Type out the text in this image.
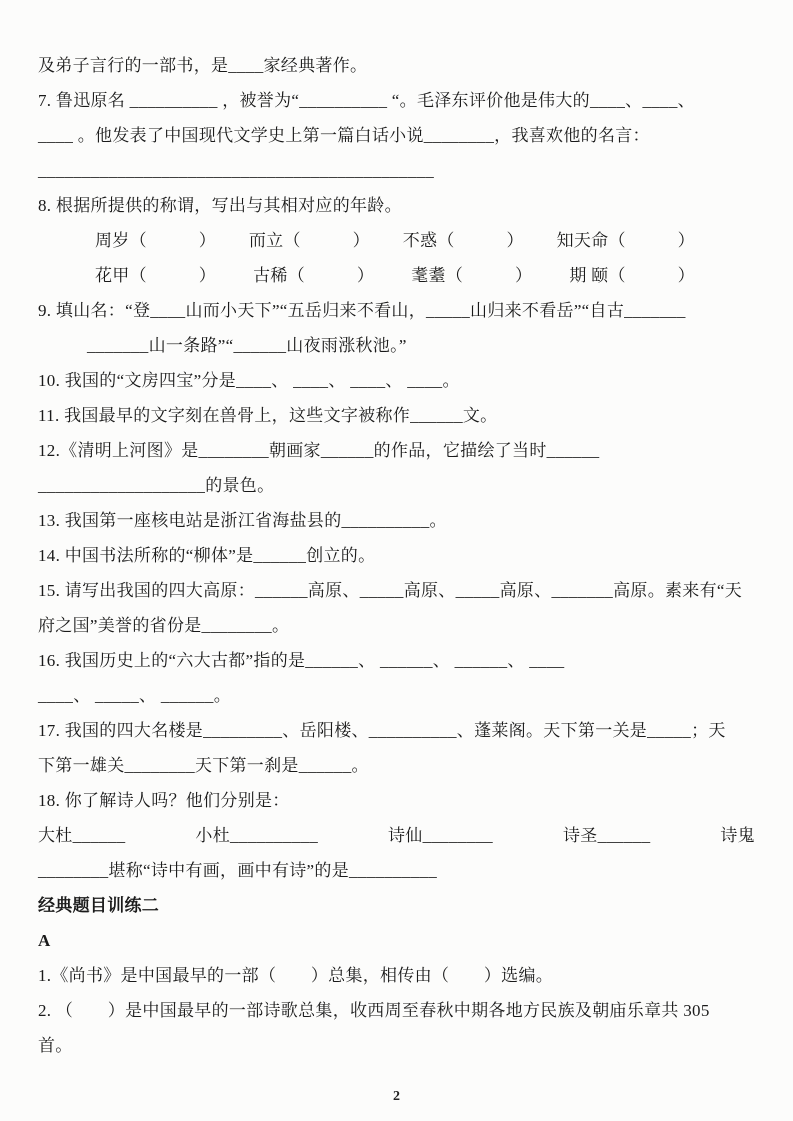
及弟子言行的一部书，是____家经典著作。
7. 鲁迅原名 __________ ，被誉为“__________ “。毛泽东评价他是伟大的____、____、
____ 。他发表了中国现代文学史上第一篇白话小说________，我喜欢他的名言：
_____________________________________________
8. 根据所提供的称谓，写出与其相对应的年龄。
周岁（　　　） 而立（　　　） 不惑（　　　） 知天命（　　　）
花甲（　　　） 古稀（　　　） 耄耋（　　　） 期 颐（　　　）
9. 填山名：“登____山而小天下”“五岳归来不看山，_____山归来不看岳”“自古_______
_______山一条路”“______山夜雨涨秋池。”
10. 我国的“文房四宝”分是____、 ____、 ____、 ____。
11. 我国最早的文字刻在兽骨上，这些文字被称作______文。
12.《清明上河图》是________朝画家______的作品，它描绘了当时______
___________________的景色。
13. 我国第一座核电站是浙江省海盐县的__________。
14. 中国书法所称的“柳体”是______创立的。
15. 请写出我国的四大高原：______高原、_____高原、_____高原、_______高原。素来有“天
府之国”美誉的省份是________。
16. 我国历史上的“六大古都”指的是______、 ______、 ______、 ____
____、 _____、 ______。
17. 我国的四大名楼是_________、岳阳楼、__________、蓬莱阁。天下第一关是_____；天
下第一雄关________天下第一刹是______。
18. 你了解诗人吗？他们分别是：
大杜______	小杜__________	诗仙________	诗圣______	诗鬼
________堪称“诗中有画，画中有诗”的是__________
经典题目训练二
A
1.《尚书》是中国最早的一部（　　）总集，相传由（　　）选编。
2. （　　）是中国最早的一部诗歌总集，收西周至春秋中期各地方民族及朝庙乐章共 305
首。
2
